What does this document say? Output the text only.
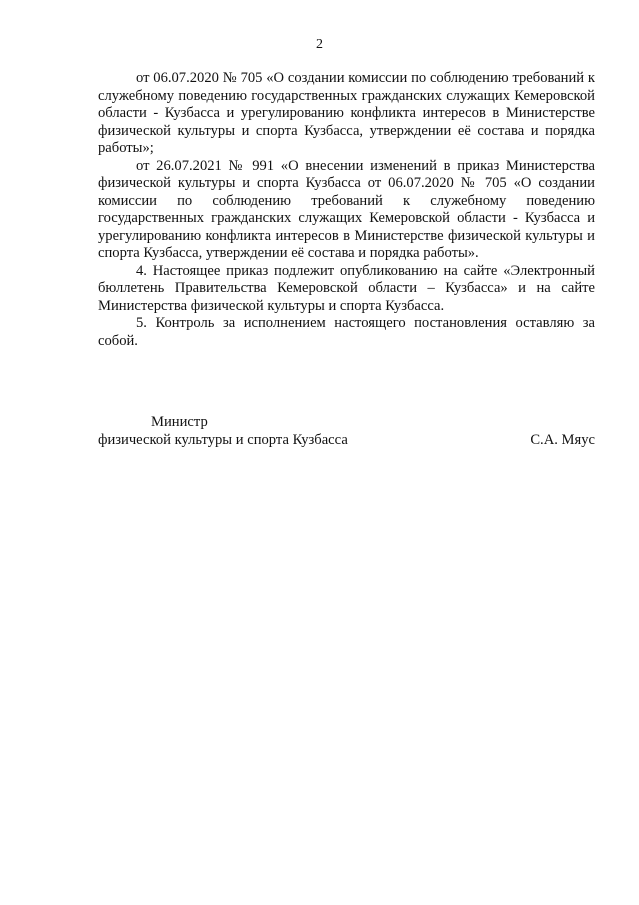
2

от 06.07.2020 № 705 «О создании комиссии по соблюдению требований к служебному поведению государственных гражданских служащих Кемеровской области - Кузбасса и урегулированию конфликта интересов в Министерстве физической культуры и спорта Кузбасса, утверждении её состава и порядка работы»;

от 26.07.2021 № 991 «О внесении изменений в приказ Министерства физической культуры и спорта Кузбасса от 06.07.2020 № 705 «О создании комиссии по соблюдению требований к служебному поведению государственных гражданских служащих Кемеровской области - Кузбасса и урегулированию конфликта интересов в Министерстве физической культуры и спорта Кузбасса, утверждении её состава и порядка работы».

4. Настоящее приказ подлежит опубликованию на сайте «Электронный бюллетень Правительства Кемеровской области – Кузбасса» и на сайте Министерства физической культуры и спорта Кузбасса.

5. Контроль за исполнением настоящего постановления оставляю за собой.

Министр
физической культуры и спорта Кузбасса	С.А. Мяус
